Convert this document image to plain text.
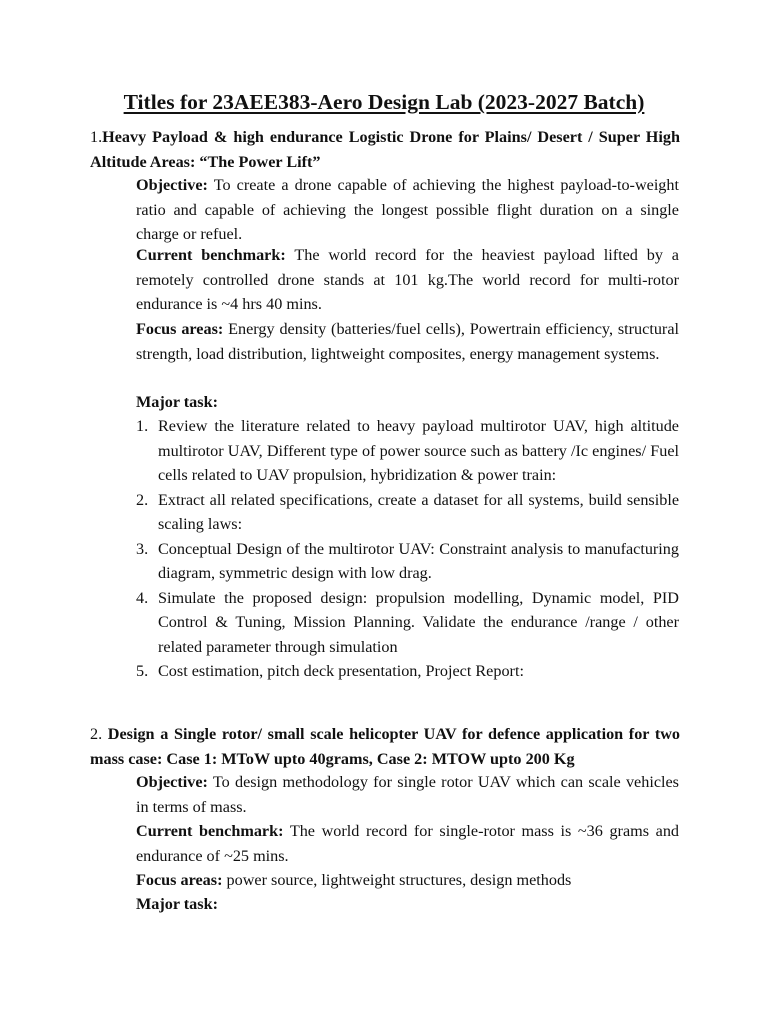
Titles for 23AEE383-Aero Design Lab (2023-2027 Batch)
1.Heavy Payload & high endurance Logistic Drone for Plains/ Desert / Super High Altitude Areas: “The Power Lift”
Objective: To create a drone capable of achieving the highest payload-to-weight ratio and capable of achieving the longest possible flight duration on a single charge or refuel.
Current benchmark: The world record for the heaviest payload lifted by a remotely controlled drone stands at 101 kg.The world record for multi-rotor endurance is ~4 hrs 40 mins.
Focus areas: Energy density (batteries/fuel cells), Powertrain efficiency, structural strength, load distribution, lightweight composites, energy management systems.
Major task:
1. Review the literature related to heavy payload multirotor UAV, high altitude multirotor UAV, Different type of power source such as battery /Ic engines/ Fuel cells related to UAV propulsion, hybridization & power train:
2. Extract all related specifications, create a dataset for all systems, build sensible scaling laws:
3. Conceptual Design of the multirotor UAV: Constraint analysis to manufacturing diagram, symmetric design with low drag.
4. Simulate the proposed design: propulsion modelling, Dynamic model, PID Control & Tuning, Mission Planning. Validate the endurance /range / other related parameter through simulation
5. Cost estimation, pitch deck presentation, Project Report:
2. Design a Single rotor/ small scale helicopter UAV for defence application for two mass case: Case 1: MToW upto 40grams, Case 2: MTOW upto 200 Kg
Objective: To design methodology for single rotor UAV which can scale vehicles in terms of mass.
Current benchmark: The world record for single-rotor mass is ~36 grams and endurance of ~25 mins.
Focus areas: power source, lightweight structures, design methods
Major task:
